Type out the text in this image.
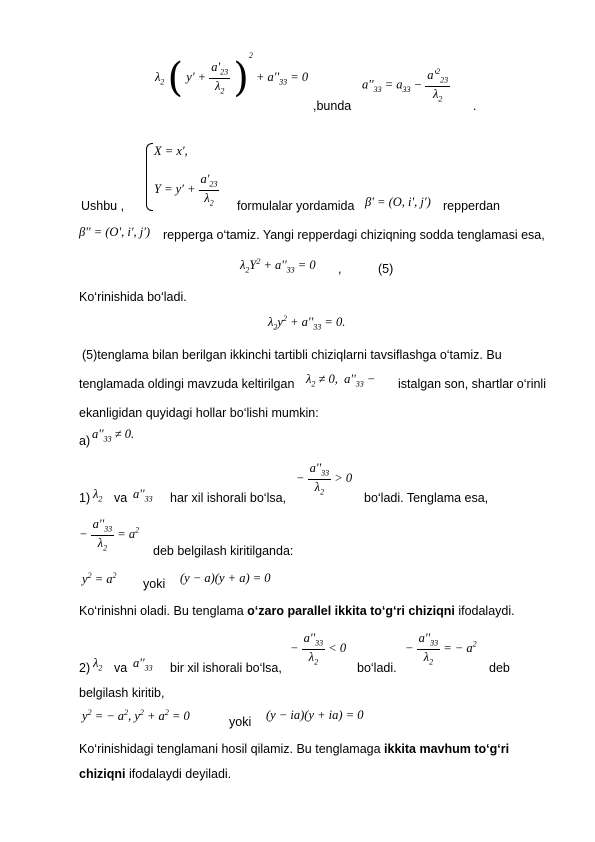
$\lambda_2$ ( $y' + \frac{a'_{23}}{\lambda_2} )^2 + a''_{33} = 0$
,bunda
$a''_{33} = a_{33} - \frac{a'^2_{23}}{\lambda_2}$
.
Ushbu ,
X = x',
$Y = y' + \frac{a'_{23}}{\lambda_2}$ formulalar yordamida β' = (O, i', j') repperdan
β'' = (O', i', j') repperga o‘tamiz. Yangi repperdagi chiziqning sodda tenglamasi esa,
$\lambda_2Y^2 + a''_{33} = 0$ ,	(5)
Ko‘rinishida bo‘ladi.
$\lambda_2y^2 + a''_{33} = 0$.
(5)tenglama bilan berilgan ikkinchi tartibli chiziqlarni tavsiflashga o‘tamiz. Bu
tenglamada oldingi mavzuda keltirilgan $\lambda_2 \ne 0$,  $a''_{33}$ − istalgan son, shartlar o‘rinli
ekanligidan quyidagi hollar bo‘lishi mumkin:
a) $a''_{33} \ne 0$.
1) $\lambda_2$ va $a''_{33}$ har xil ishorali bo‘lsa,
− $\frac{a''_{33}}{\lambda_2} > 0$
bo‘ladi. Tenglama esa,
− $\frac{a''_{33}}{\lambda_2} = a^2$
deb belgilash kiritilganda:
$y^2 = a^2$
yoki (y − a)(y + a) = 0
Ko‘rinishni oladi. Bu tenglama o‘zaro parallel ikkita to‘g‘ri chiziqni ifodalaydi.
2) $\lambda_2$ va $a''_{33}$ bir xil ishorali bo‘lsa,
− $\frac{a''_{33}}{\lambda_2} < 0$
bo‘ladi.
− $\frac{a''_{33}}{\lambda_2}$ = − $a^2$
deb
belgilash kiritib,
$y^2$ = − $a^2$, $y^2 + a^2 = 0$	yoki (y − ia)(y + ia) = 0
Ko‘rinishidagi tenglamani hosil qilamiz. Bu tenglamaga ikkita mavhum to‘g‘ri
chiziqni ifodalaydi deyiladi.
